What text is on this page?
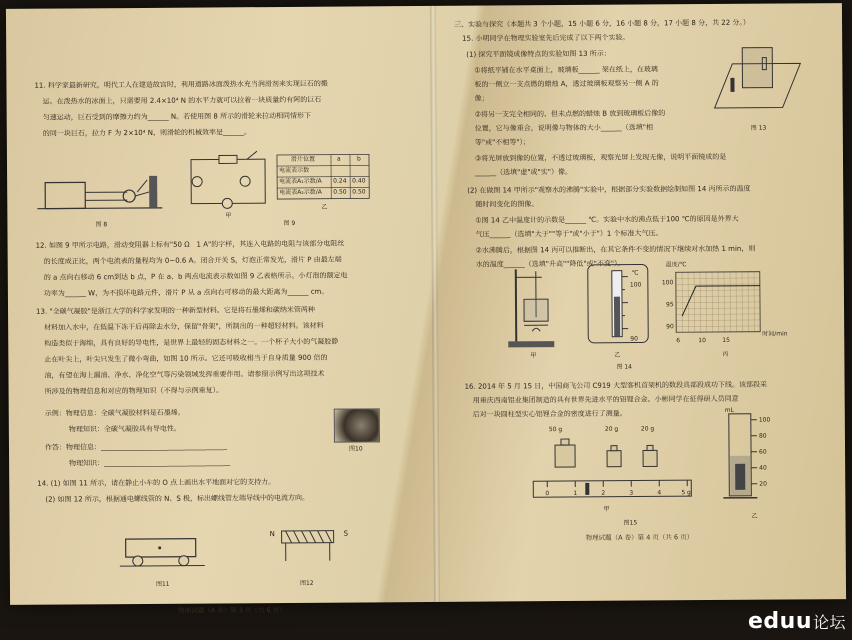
11. 科学家最新研究，明代工人在建造故宫时，利用道路冰面泼热水充当润滑剂来实现巨石的搬
运。在泼热水的冰面上，只需要用 2.4×10⁴ N 的水平力就可以拉着一块质量约有阿的巨石
匀速运动，巨石受到的摩擦力约为______ N。若使用图 8 所示的滑轮来拉动相同情形下
的同一块巨石，拉力 F 为 2×10⁴ N，则滑轮的机械效率是______。
图 8
甲
滑片位置	a	b
电流表示数
电流表A₁示数/A 0.24 0.40
电流表A₂示数/A 0.50 0.50
乙
图 9
12. 如图 9 甲所示电路，滑动变阻器上标有"50 Ω　1 A"的字样，其连入电路的电阻与该部分电阻丝
的长度成正比，两个电流表的量程均为 0~0.6 A。闭合开关 S，灯泡正常发光，滑片 P 由最左端
的 a 点向右移动 6 cm到达 b 点，P 在 a、b 两点电流表示数如图 9 乙表格所示。小灯泡的额定电
功率为______ W，为不损坏电路元件，滑片 P 从 a 点向右可移动的最大距离为______ cm。
13. "全碳气凝胶"是浙江大学的科学家发明的一种新型材料。它是将石墨烯和碳纳米管两种
材料加入水中，在低温下冻干后再除去水分，保留"骨架"，所制出的一种超轻材料。该材料
构造类似于海绵，具有良好的导电性，是世界上最轻的固态材料之一。一个杯子大小的气凝胶静
止在叶尖上，叶尖只发生了微小弯曲，如图 10 所示。它还可吸收相当于自身质量 900 倍的
油，有望在海上漏油、净水、净化空气等污染领域发挥重要作用。请参照示例写出这项技术
所涉及的物理信息和对应的物理知识（不得与示例重复）。
示例：物理信息：全碳气凝胶材料是石墨烯。
物理知识：全碳气凝胶具有导电性。
作答：物理信息：____________________________________
物理知识：____________________________________
图10
14. (1) 如图 11 所示，请在静止小车的 O 点上画出水平地面对它的支持力。
(2) 如图 12 所示，根据通电螺线管的 N、S 极，标出螺线管左端导线中的电流方向。
图11
N	S
图12
物理试题（A 卷）第 3 页（共 6 页）
三、实验与探究（本题共 3 个小题，15 小题 6 分，16 小题 8 分，17 小题 8 分，共 22 分。）
15. 小明同学在物理实验室先后完成了以下两个实验。
(1) 探究平面镜成像特点的实验如图 13 所示：
①将纸平铺在水平桌面上，玻璃板______ 架在纸上，在玻璃
板的一侧立一支点燃的蜡烛 A，透过玻璃板观察另一侧 A 的
像；
②将另一支完全相同的、但未点燃的蜡烛 B 放到玻璃板后像的
位置，它与像重合，说明像与物体的大小______（选填"相
等"或"不相等"）；
③将光屏放到像的位置，不透过玻璃板，观察光屏上发现无像，说明平面镜成的是
______（选填"虚"或"实"）像。
图 13
(2) 在做图 14 甲所示"观察水的沸腾"实验中，根据部分实验数据绘制如图 14 丙所示的温度
随时间变化的图像。
①图 14 乙中温度计的示数是______ ℃。实验中水的沸点低于100 ℃的原因是外界大
气压______（选填"大于""等于"或"小于"）1 个标准大气压。
②水沸腾后，根据图 14 丙可以推断出，在其它条件不变的情况下继续对水加热 1 min，则
水的温度______（选填"升高""降低"或"不变"）。
甲
℃
100
90
乙
温度/℃
100
95
90
6	10	15
时间/min
丙
图 14
16. 2014 年 5 月 15 日，中国商飞公司 C919 大型客机首架机的数段具部段成功下线。该部段采
用重庆西南铝业集团制造的具有世界先进水平的铝锂合金。小彬同学在征得研人员同意
后对一块圆柱型实心铝锂合金的密度进行了测量。
50 g	20 g	20 g
0	1	2	3	4	5 g
甲
mL
100
80
60
40
20
乙
图15
物理试题（A 卷）第 4 页（共 6 页）
eduu论坛
